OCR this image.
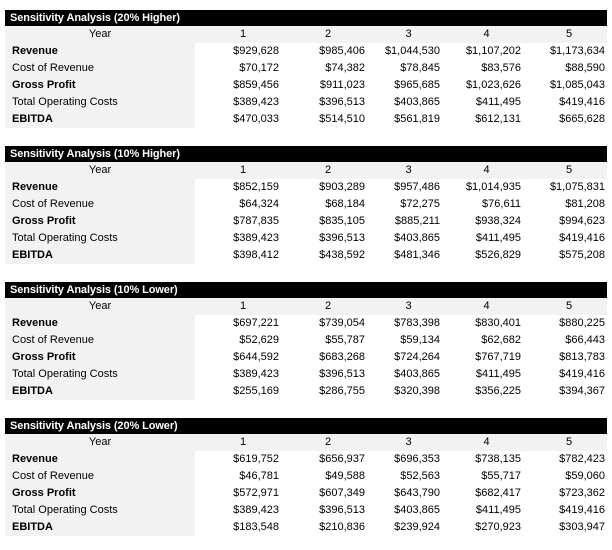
Sensitivity Analysis (20% Higher)
Year	1	2	3	4	5
Revenue	$929,628	$985,406	$1,044,530	$1,107,202	$1,173,634
Cost of Revenue	$70,172	$74,382	$78,845	$83,576	$88,590
Gross Profit	$859,456	$911,023	$965,685	$1,023,626	$1,085,043
Total Operating Costs	$389,423	$396,513	$403,865	$411,495	$419,416
EBITDA	$470,033	$514,510	$561,819	$612,131	$665,628
Sensitivity Analysis (10% Higher)
Year	1	2	3	4	5
Revenue	$852,159	$903,289	$957,486	$1,014,935	$1,075,831
Cost of Revenue	$64,324	$68,184	$72,275	$76,611	$81,208
Gross Profit	$787,835	$835,105	$885,211	$938,324	$994,623
Total Operating Costs	$389,423	$396,513	$403,865	$411,495	$419,416
EBITDA	$398,412	$438,592	$481,346	$526,829	$575,208
Sensitivity Analysis (10% Lower)
Year	1	2	3	4	5
Revenue	$697,221	$739,054	$783,398	$830,401	$880,225
Cost of Revenue	$52,629	$55,787	$59,134	$62,682	$66,443
Gross Profit	$644,592	$683,268	$724,264	$767,719	$813,783
Total Operating Costs	$389,423	$396,513	$403,865	$411,495	$419,416
EBITDA	$255,169	$286,755	$320,398	$356,225	$394,367
Sensitivity Analysis (20% Lower)
Year	1	2	3	4	5
Revenue	$619,752	$656,937	$696,353	$738,135	$782,423
Cost of Revenue	$46,781	$49,588	$52,563	$55,717	$59,060
Gross Profit	$572,971	$607,349	$643,790	$682,417	$723,362
Total Operating Costs	$389,423	$396,513	$403,865	$411,495	$419,416
EBITDA	$183,548	$210,836	$239,924	$270,923	$303,947
